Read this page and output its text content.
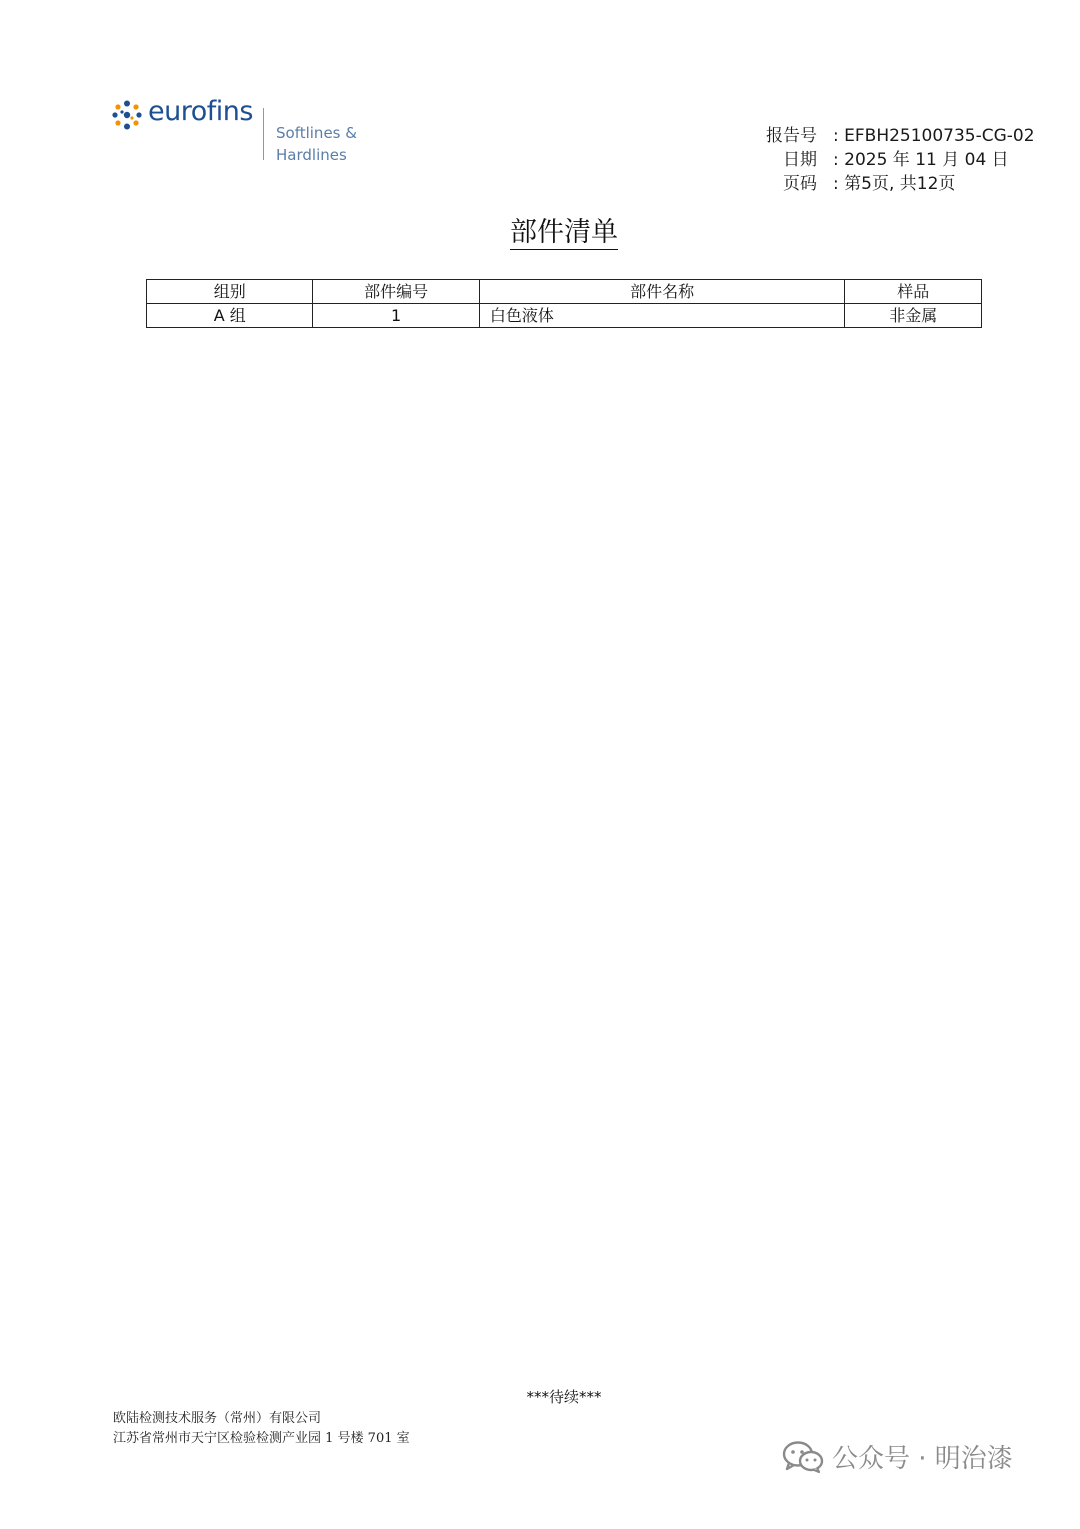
eurofins
Softlines &
Hardlines
报告号 : EFBH25100735-CG-02
日期 : 2025 年 11 月 04 日
页码 : 第5页, 共12页
部件清单
组别	部件编号	部件名称	样品
A 组	1	白色液体	非金属
***待续***
欧陆检测技术服务（常州）有限公司
江苏省常州市天宁区检验检测产业园 1 号楼 701 室
公众号 · 明治漆
